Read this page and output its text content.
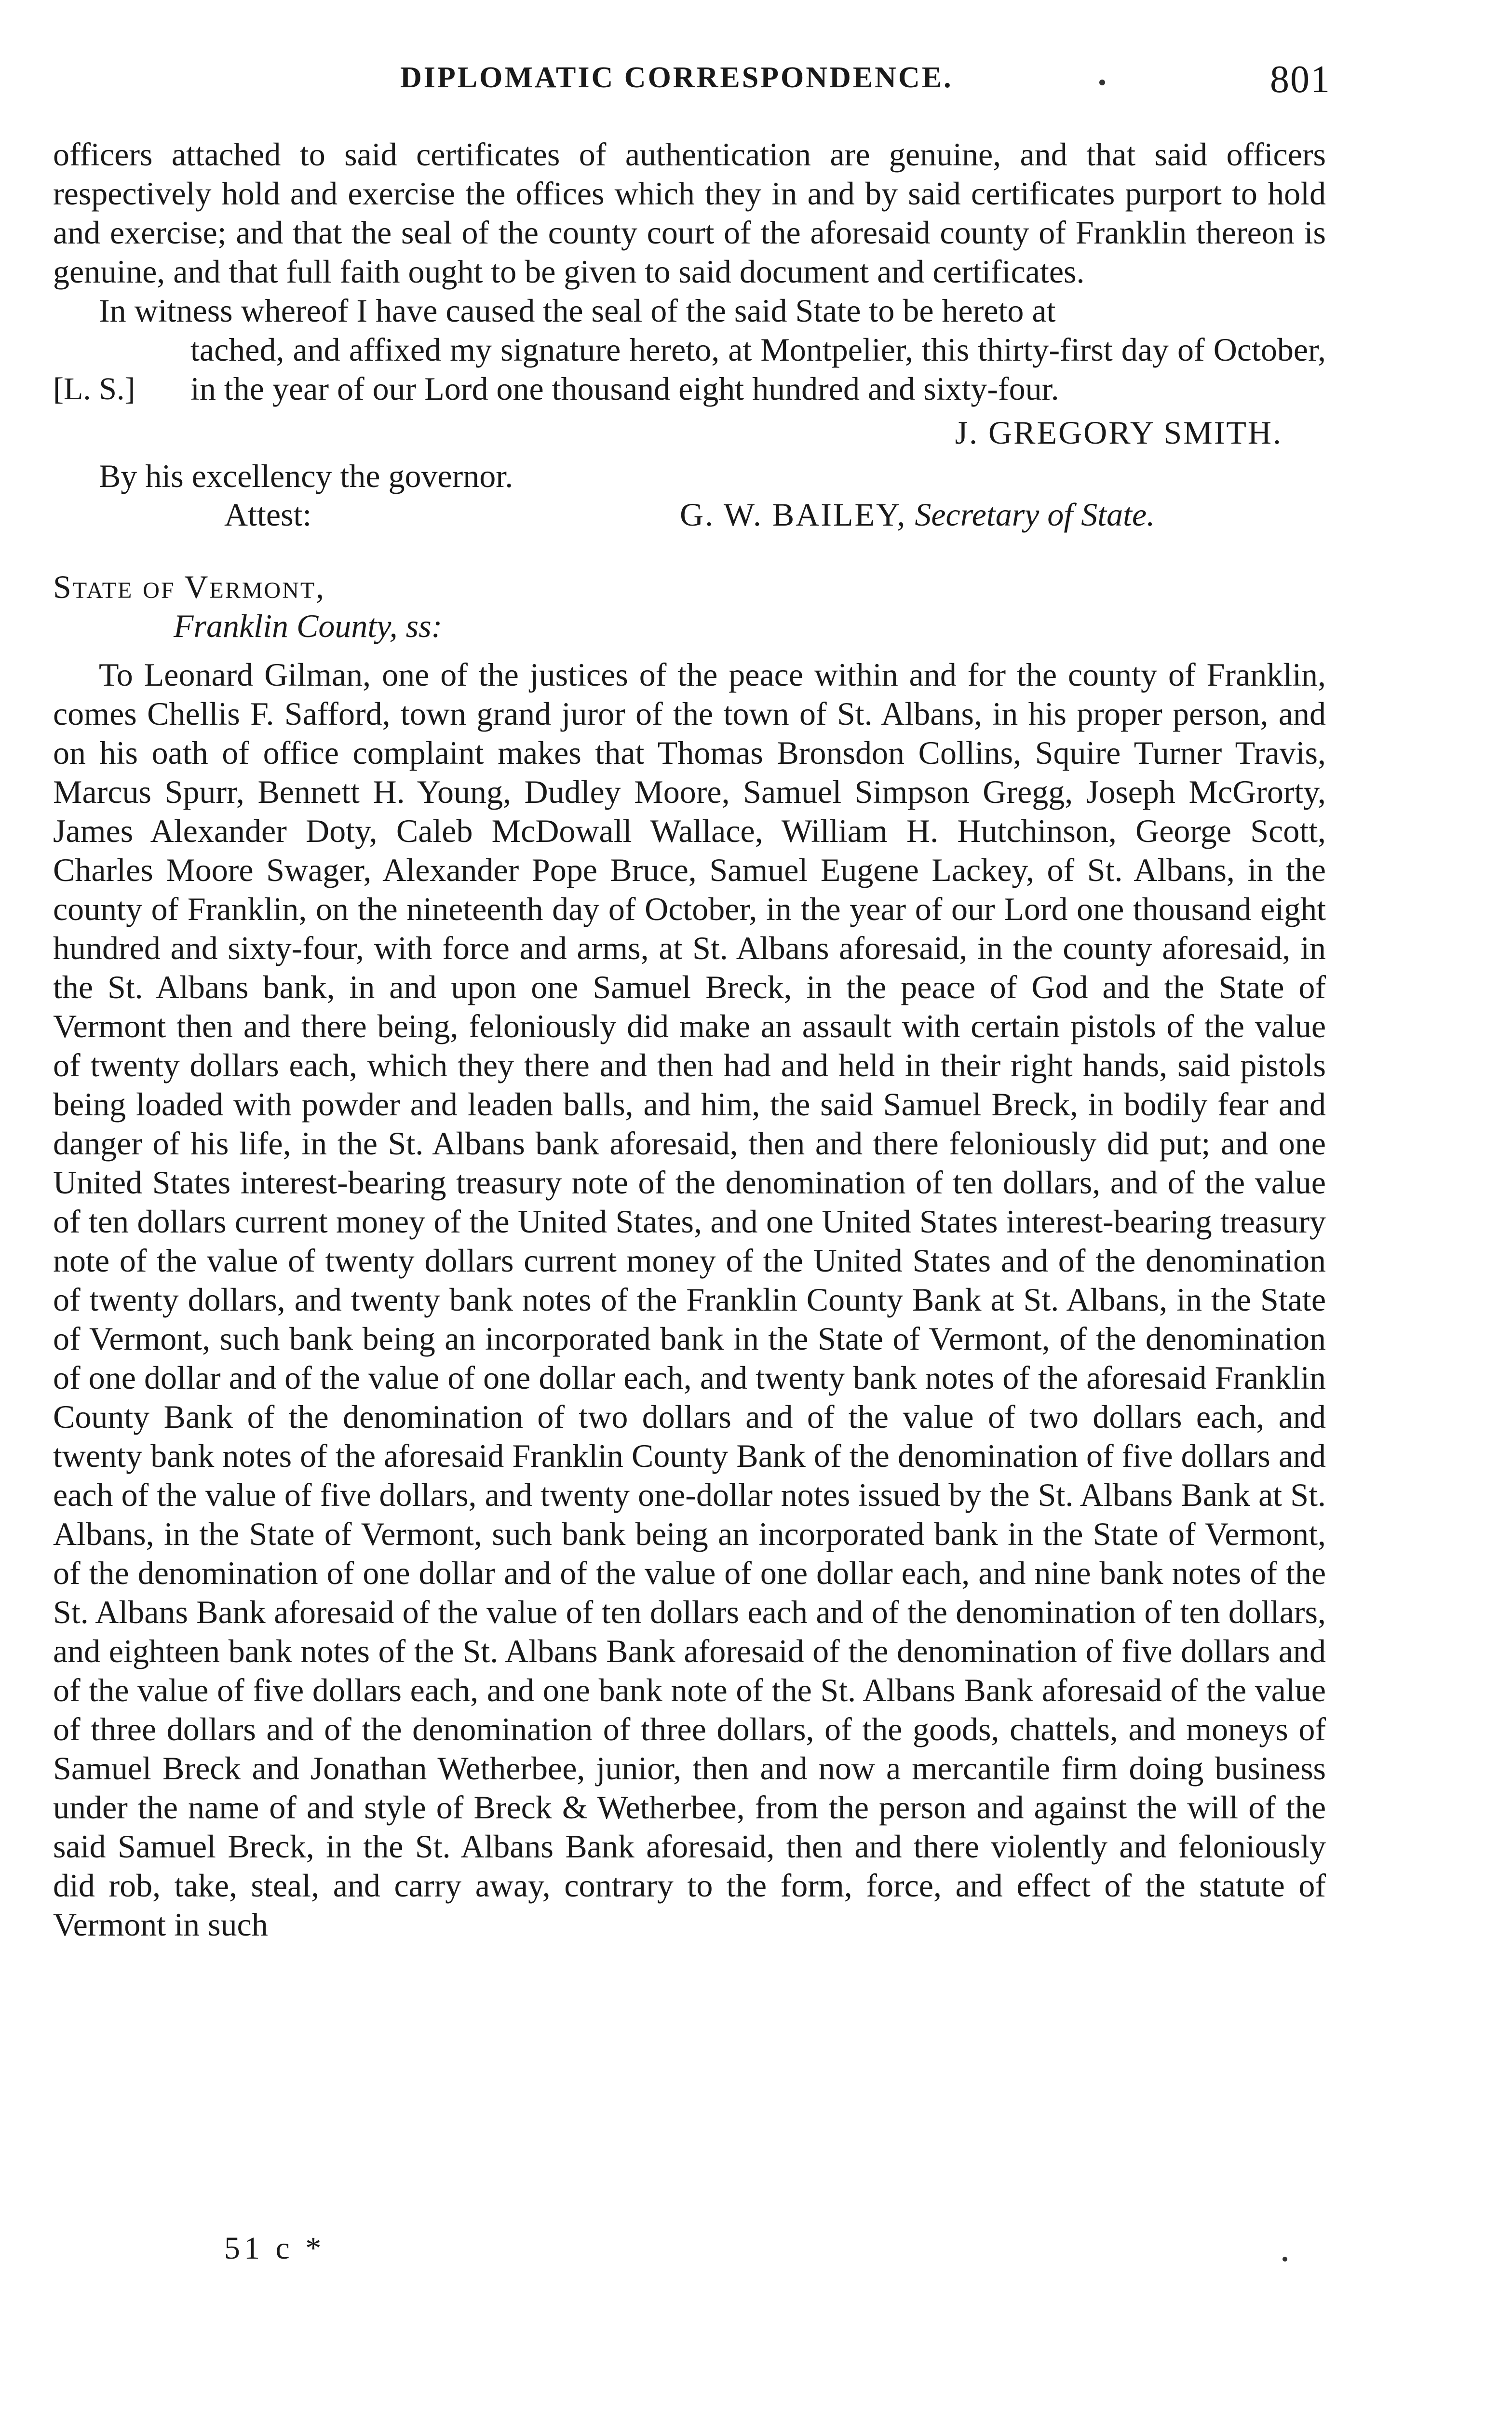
DIPLOMATIC CORRESPONDENCE.	801

officers attached to said certificates of authentication are genuine, and that said officers respectively hold and exercise the offices which they in and by said certificates purport to hold and exercise; and that the seal of the county court of the aforesaid county of Franklin thereon is genuine, and that full faith ought to be given to said document and certificates.

In witness whereof I have caused the seal of the said State to be hereto at

tached, and affixed my signature hereto, at Montpelier, this thirty-first day of October, in the year of our Lord one thousand eight hundred and sixty-four.

[L. S.]
J. GREGORY SMITH.
By his excellency the governor.
Attest:	G. W. BAILEY, Secretary of State.
State of Vermont,
Franklin County, ss:

To Leonard Gilman, one of the justices of the peace within and for the county of Franklin, comes Chellis F. Safford, town grand juror of the town of St. Albans, in his proper person, and on his oath of office complaint makes that Thomas Bronsdon Collins, Squire Turner Travis, Marcus Spurr, Bennett H. Young, Dudley Moore, Samuel Simpson Gregg, Joseph McGrorty, James Alexander Doty, Caleb McDowall Wallace, William H. Hutchinson, George Scott, Charles Moore Swager, Alexander Pope Bruce, Samuel Eugene Lackey, of St. Albans, in the county of Franklin, on the nineteenth day of October, in the year of our Lord one thousand eight hundred and sixty-four, with force and arms, at St. Albans aforesaid, in the county aforesaid, in the St. Albans bank, in and upon one Samuel Breck, in the peace of God and the State of Vermont then and there being, feloniously did make an assault with certain pistols of the value of twenty dollars each, which they there and then had and held in their right hands, said pistols being loaded with powder and leaden balls, and him, the said Samuel Breck, in bodily fear and danger of his life, in the St. Albans bank aforesaid, then and there feloniously did put; and one United States interest-bearing treasury note of the denomination of ten dollars, and of the value of ten dollars current money of the United States, and one United States interest-bearing treasury note of the value of twenty dollars current money of the United States and of the denomination of twenty dollars, and twenty bank notes of the Franklin County Bank at St. Albans, in the State of Vermont, such bank being an incorporated bank in the State of Vermont, of the denomination of one dollar and of the value of one dollar each, and twenty bank notes of the aforesaid Franklin County Bank of the denomination of two dollars and of the value of two dollars each, and twenty bank notes of the aforesaid Franklin County Bank of the denomination of five dollars and each of the value of five dollars, and twenty one-dollar notes issued by the St. Albans Bank at St. Albans, in the State of Vermont, such bank being an incorporated bank in the State of Vermont, of the denomination of one dollar and of the value of one dollar each, and nine bank notes of the St. Albans Bank aforesaid of the value of ten dollars each and of the denomination of ten dollars, and eighteen bank notes of the St. Albans Bank aforesaid of the denomination of five dollars and of the value of five dollars each, and one bank note of the St. Albans Bank aforesaid of the value of three dollars and of the denomination of three dollars, of the goods, chattels, and moneys of Samuel Breck and Jonathan Wetherbee, junior, then and now a mercantile firm doing business under the name of and style of Breck & Wetherbee, from the person and against the will of the said Samuel Breck, in the St. Albans Bank aforesaid, then and there violently and feloniously did rob, take, steal, and carry away, contrary to the form, force, and effect of the statute of Vermont in such

51 c *
